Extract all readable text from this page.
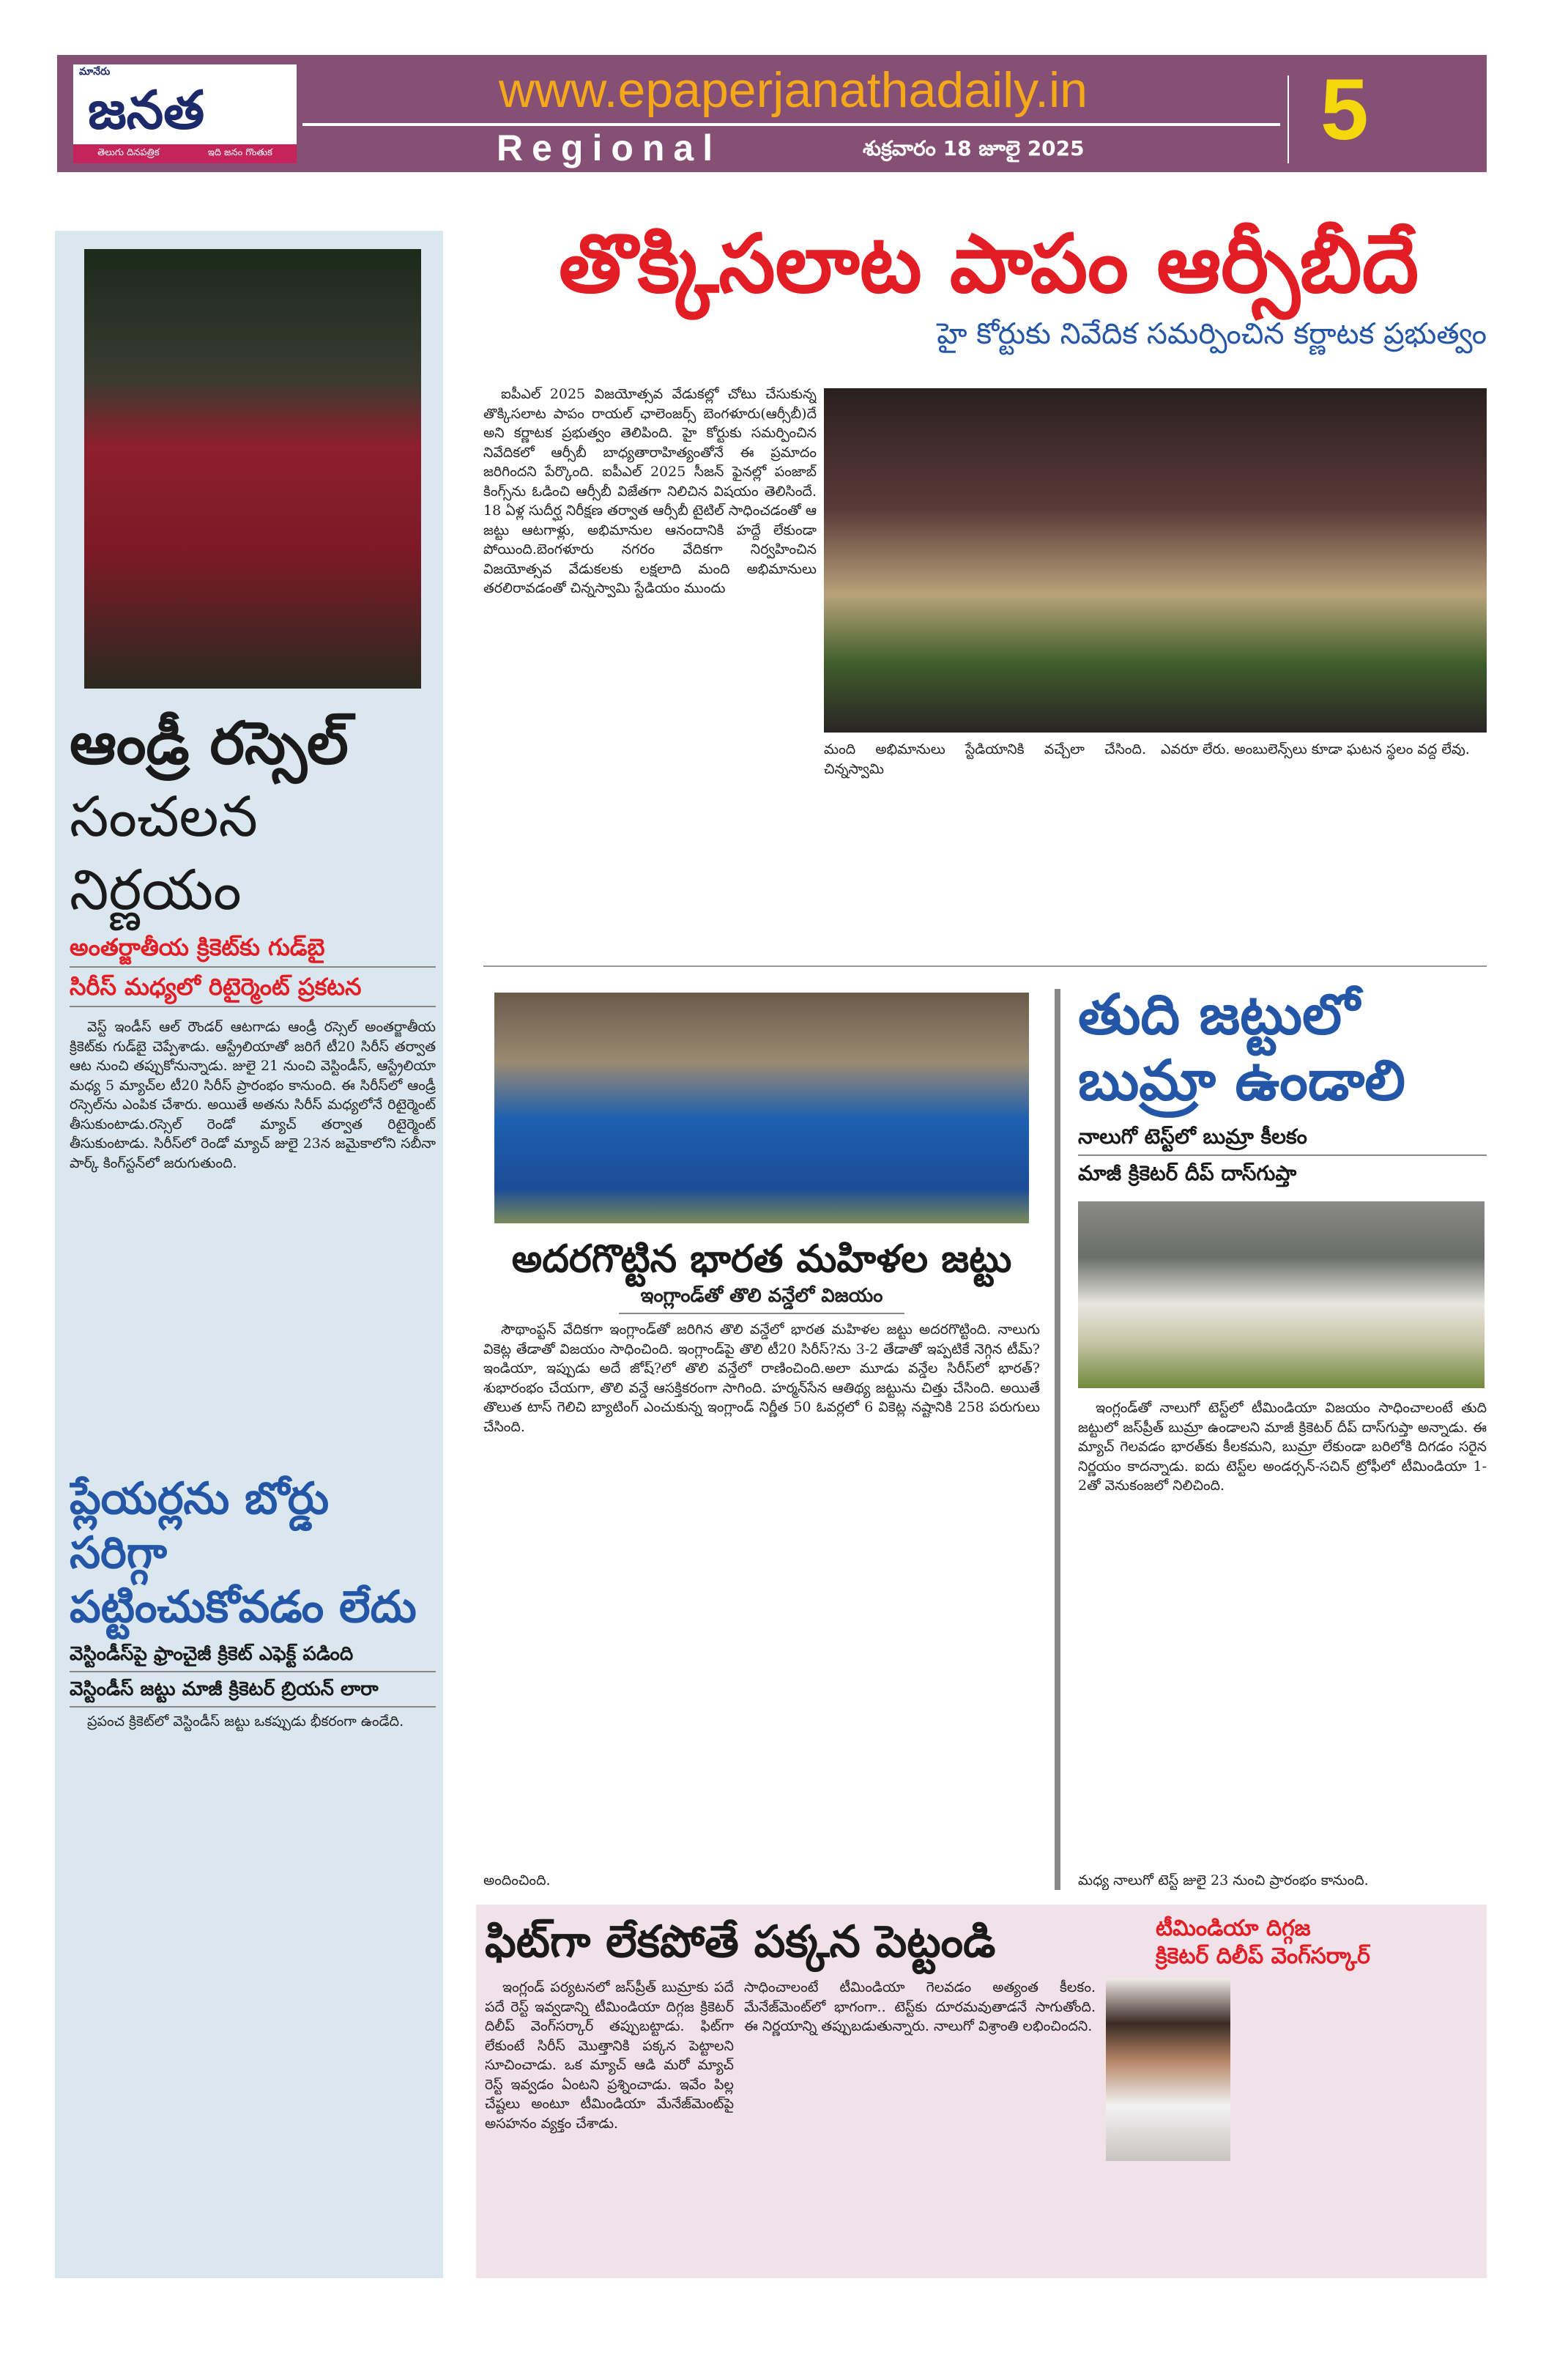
మానేరు
జనత
తెలుగు దినపత్రిక	ఇది జనం గొంతుక
www.epaperjanathadaily.in
Regional	శుక్రవారం 18 జూలై 2025	5
ఆండ్రీ రస్సెల్
సంచలన నిర్ణయం
అంతర్జాతీయ క్రికెట్‌కు గుడ్‌బై
సిరీస్ మధ్యలో రిటైర్మెంట్ ప్రకటన

వెస్ట్ ఇండీస్ ఆల్ రౌండర్ ఆటగాడు ఆండ్రీ రస్సెల్ అంతర్జాతీయ క్రికెట్‌కు గుడ్‌బై చెప్పేశాడు. ఆస్ట్రేలియాతో జరిగే టీ20 సిరీస్ తర్వాత ఆట నుంచి తప్పుకోనున్నాడు. జులై 21 నుంచి వెస్టిండీస్, ఆస్ట్రేలియా మధ్య 5 మ్యాచ్‌ల టీ20 సిరీస్ ప్రారంభం కానుంది. ఈ సిరీస్‌లో ఆండ్రీ రస్సెల్‌ను ఎంపిక చేశారు. అయితే అతను సిరీస్ మధ్యలోనే రిటైర్మెంట్ తీసుకుంటాడు.రస్సెల్ రెండో మ్యాచ్ తర్వాత రిటైర్మెంట్ తీసుకుంటాడు. సిరీస్‌లో రెండో మ్యాచ్ జులై 23న జమైకాలోని సబీనా పార్క్ కింగ్‌స్టన్‌లో జరుగుతుంది.

ప్లేయర్లను బోర్డు సరిగ్గా
పట్టించుకోవడం లేదు
వెస్టిండీస్‌పై ఫ్రాంచైజీ క్రికెట్ ఎఫెక్ట్ పడింది
వెస్టిండీస్ జట్టు మాజీ క్రికెటర్ బ్రియన్ లారా

ప్రపంచ క్రికెట్‌లో వెస్టిండీస్ జట్టు ఒకప్పుడు భీకరంగా ఉండేది.

తొక్కిసలాట పాపం ఆర్సీబీదే
హై కోర్టుకు నివేదిక సమర్పించిన కర్ణాటక ప్రభుత్వం

ఐపీఎల్ 2025 విజయోత్సవ వేడుకల్లో చోటు చేసుకున్న తొక్కిసలాట పాపం రాయల్ ఛాలెంజర్స్ బెంగళూరు(ఆర్సీబీ)దే అని కర్ణాటక ప్రభుత్వం తెలిపింది. హై కోర్టుకు సమర్పించిన నివేదికలో ఆర్సీబీ బాధ్యతారాహిత్యంతోనే ఈ ప్రమాదం జరిగిందని పేర్కొంది. ఐపీఎల్ 2025 సీజన్ ఫైనల్లో పంజాబ్ కింగ్స్‌ను ఓడించి ఆర్సీబీ విజేతగా నిలిచిన విషయం తెలిసిందే. 18 ఏళ్ల సుదీర్ఘ నిరీక్షణ తర్వాత ఆర్సీబీ టైటిల్ సాధించడంతో ఆ జట్టు ఆటగాళ్లు, అభిమానుల ఆనందానికి హద్దే లేకుండా పోయింది.బెంగళూరు నగరం వేదికగా నిర్వహించిన విజయోత్సవ వేడుకలకు లక్షలాది మంది అభిమానులు తరలిరావడంతో చిన్నస్వామి స్టేడియం ముందు

మంది అభిమానులు స్టేడియానికి వచ్చేలా చేసింది. చిన్నస్వామి

ఎవరూ లేరు. అంబులెన్స్‌లు కూడా ఘటన స్థలం వద్ద లేవు.

అదరగొట్టిన భారత మహిళల జట్టు
ఇంగ్లాండ్‌తో తొలి వన్డేలో విజయం

సౌథాంప్టన్ వేదికగా ఇంగ్లాండ్‌తో జరిగిన తొలి వన్డేలో భారత మహిళల జట్టు అదరగొట్టింది. నాలుగు వికెట్ల తేడాతో విజయం సాధించింది. ఇంగ్లాండ్‌పై తొలి టీ20 సిరీస్?ను 3-2 తేడాతో ఇప్పటికే నెగ్గిన టీమ్?ఇండియా, ఇప్పుడు అదే జోష్?లో తొలి వన్డేలో రాణించింది.అలా మూడు వన్డేల సిరీస్‌లో భారత్? శుభారంభం చేయగా, తొలి వన్డే ఆసక్తికరంగా సాగింది. హర్మన్‌సేన ఆతిథ్య జట్టును చిత్తు చేసింది. అయితే తొలుత టాస్ గెలిచి బ్యాటింగ్ ఎంచుకున్న ఇంగ్లాండ్ నిర్ణీత 50 ఓవర్లలో 6 వికెట్ల నష్టానికి 258 పరుగులు చేసింది.

అందించింది.
తుది జట్టులో
బుమ్రా ఉండాలి
నాలుగో టెస్ట్‌లో బుమ్రా కీలకం
మాజీ క్రికెటర్ దీప్ దాస్‌గుప్తా

ఇంగ్లండ్‌తో నాలుగో టెస్ట్‌లో టీమిండియా విజయం సాధించాలంటే తుది జట్టులో జస్‌ప్రీత్ బుమ్రా ఉండాలని మాజీ క్రికెటర్ దీప్ దాస్‌గుప్తా అన్నాడు. ఈ మ్యాచ్ గెలవడం భారత్‌కు కీలకమని, బుమ్రా లేకుండా బరిలోకి దిగడం సరైన నిర్ణయం కాదన్నాడు. ఐదు టెస్ట్‌ల అండర్సన్-సచిన్ ట్రోఫీలో టీమిండియా 1-2తో వెనుకంజలో నిలిచింది.

మధ్య నాలుగో టెస్ట్ జులై 23 నుంచి ప్రారంభం కానుంది.
ఫిట్‌గా లేకపోతే పక్కన పెట్టండి	టీమిండియా దిగ్గజ
క్రికెటర్ దిలీప్ వెంగ్‌సర్కార్

ఇంగ్లండ్ పర్యటనలో జస్‌ప్రీత్ బుమ్రాకు పదే పదే రెస్ట్ ఇవ్వడాన్ని టీమిండియా దిగ్గజ క్రికెటర్ దిలీప్ వెంగ్‌సర్కార్ తప్పుబట్టాడు. ఫిట్‌గా లేకుంటే సిరీస్ మొత్తానికి పక్కన పెట్టాలని సూచించాడు. ఒక మ్యాచ్ ఆడి మరో మ్యాచ్ రెస్ట్ ఇవ్వడం ఏంటని ప్రశ్నించాడు. ఇవేం పిల్ల చేష్టలు అంటూ టీమిండియా మేనేజ్‌మెంట్‌పై అసహనం వ్యక్తం చేశాడు.

సాధించాలంటే టీమిండియా గెలవడం అత్యంత కీలకం. మేనేజ్‌మెంట్‌లో భాగంగా.. టెస్ట్‌కు దూరమవుతాడనే సాగుతోంది. ఈ నిర్ణయాన్ని తప్పుబడుతున్నారు. నాలుగో విశ్రాంతి లభించిందని.
